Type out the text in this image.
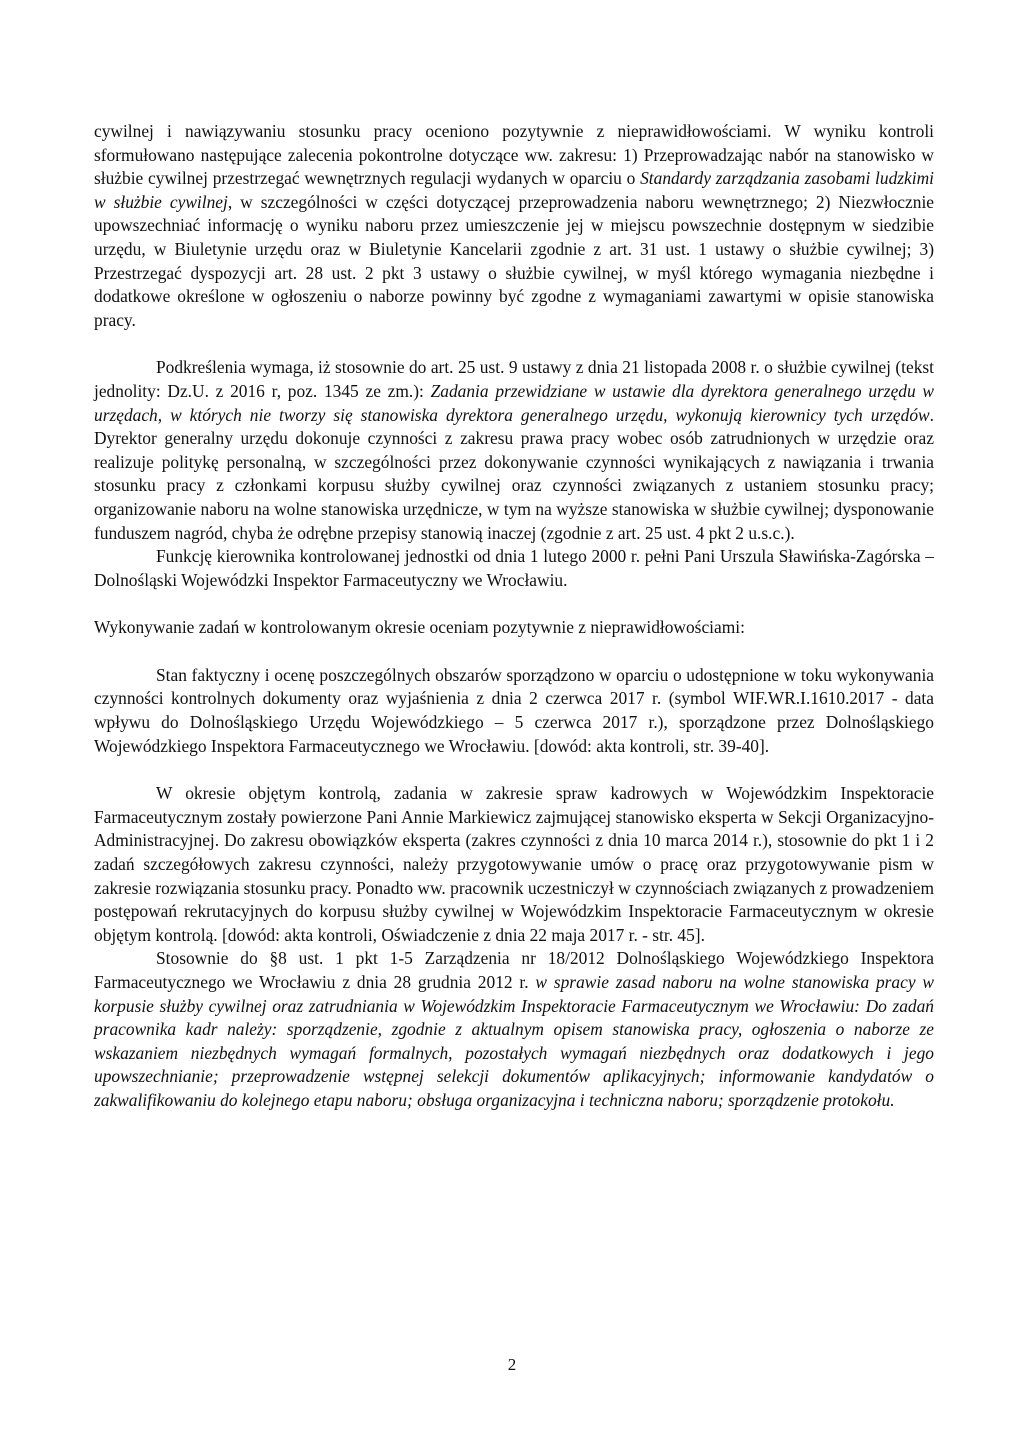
cywilnej i nawiązywaniu stosunku pracy oceniono pozytywnie z nieprawidłowościami. W wyniku kontroli sformułowano następujące zalecenia pokontrolne dotyczące ww. zakresu: 1) Przeprowadzając nabór na stanowisko w służbie cywilnej przestrzegać wewnętrznych regulacji wydanych w oparciu o Standardy zarządzania zasobami ludzkimi w służbie cywilnej, w szczególności w części dotyczącej przeprowadzenia naboru wewnętrznego; 2) Niezwłocznie upowszechniać informację o wyniku naboru przez umieszczenie jej w miejscu powszechnie dostępnym w siedzibie urzędu, w Biuletynie urzędu oraz w Biuletynie Kancelarii zgodnie z art. 31 ust. 1 ustawy o służbie cywilnej; 3) Przestrzegać dyspozycji art. 28 ust. 2 pkt 3 ustawy o służbie cywilnej, w myśl którego wymagania niezbędne i dodatkowe określone w ogłoszeniu o naborze powinny być zgodne z wymaganiami zawartymi w opisie stanowiska pracy.

Podkreślenia wymaga, iż stosownie do art. 25 ust. 9 ustawy z dnia 21 listopada 2008 r. o służbie cywilnej (tekst jednolity: Dz.U. z 2016 r, poz. 1345 ze zm.): Zadania przewidziane w ustawie dla dyrektora generalnego urzędu w urzędach, w których nie tworzy się stanowiska dyrektora generalnego urzędu, wykonują kierownicy tych urzędów. Dyrektor generalny urzędu dokonuje czynności z zakresu prawa pracy wobec osób zatrudnionych w urzędzie oraz realizuje politykę personalną, w szczególności przez dokonywanie czynności wynikających z nawiązania i trwania stosunku pracy z członkami korpusu służby cywilnej oraz czynności związanych z ustaniem stosunku pracy; organizowanie naboru na wolne stanowiska urzędnicze, w tym na wyższe stanowiska w służbie cywilnej; dysponowanie funduszem nagród, chyba że odrębne przepisy stanowią inaczej (zgodnie z art. 25 ust. 4 pkt 2 u.s.c.).

Funkcję kierownika kontrolowanej jednostki od dnia 1 lutego 2000 r. pełni Pani Urszula Sławińska-Zagórska – Dolnośląski Wojewódzki Inspektor Farmaceutyczny we Wrocławiu.

Wykonywanie zadań w kontrolowanym okresie oceniam pozytywnie z nieprawidłowościami:

Stan faktyczny i ocenę poszczególnych obszarów sporządzono w oparciu o udostępnione w toku wykonywania czynności kontrolnych dokumenty oraz wyjaśnienia z dnia 2 czerwca 2017 r. (symbol WIF.WR.I.1610.2017 - data wpływu do Dolnośląskiego Urzędu Wojewódzkiego – 5 czerwca 2017 r.), sporządzone przez Dolnośląskiego Wojewódzkiego Inspektora Farmaceutycznego we Wrocławiu. [dowód: akta kontroli, str. 39-40].

W okresie objętym kontrolą, zadania w zakresie spraw kadrowych w Wojewódzkim Inspektoracie Farmaceutycznym zostały powierzone Pani Annie Markiewicz zajmującej stanowisko eksperta w Sekcji Organizacyjno-Administracyjnej. Do zakresu obowiązków eksperta (zakres czynności z dnia 10 marca 2014 r.), stosownie do pkt 1 i 2 zadań szczegółowych zakresu czynności, należy przygotowywanie umów o pracę oraz przygotowywanie pism w zakresie rozwiązania stosunku pracy. Ponadto ww. pracownik uczestniczył w czynnościach związanych z prowadzeniem postępowań rekrutacyjnych do korpusu służby cywilnej w Wojewódzkim Inspektoracie Farmaceutycznym w okresie objętym kontrolą. [dowód: akta kontroli, Oświadczenie z dnia 22 maja 2017 r. - str. 45].

Stosownie do §8 ust. 1 pkt 1-5 Zarządzenia nr 18/2012 Dolnośląskiego Wojewódzkiego Inspektora Farmaceutycznego we Wrocławiu z dnia 28 grudnia 2012 r. w sprawie zasad naboru na wolne stanowiska pracy w korpusie służby cywilnej oraz zatrudniania w Wojewódzkim Inspektoracie Farmaceutycznym we Wrocławiu: Do zadań pracownika kadr należy: sporządzenie, zgodnie z aktualnym opisem stanowiska pracy, ogłoszenia o naborze ze wskazaniem niezbędnych wymagań formalnych, pozostałych wymagań niezbędnych oraz dodatkowych i jego upowszechnianie; przeprowadzenie wstępnej selekcji dokumentów aplikacyjnych; informowanie kandydatów o zakwalifikowaniu do kolejnego etapu naboru; obsługa organizacyjna i techniczna naboru; sporządzenie protokołu.

2
